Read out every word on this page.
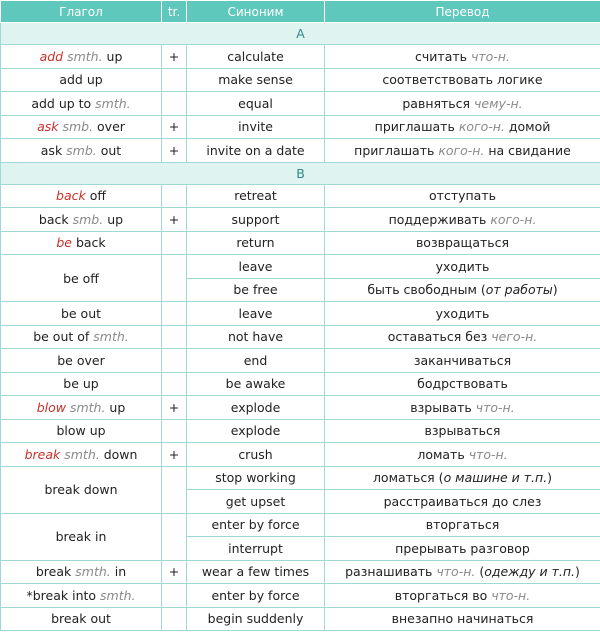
Глагол	tr.	Синоним	Перевод
A			
add smth. up	+	calculate	считать что-н.
add up		make sense	соответствовать логике
add up to smth.		equal	равняться чему-н.
ask smb. over	+	invite	приглашать кого-н. домой
ask smb. out	+	invite on a date	приглашать кого-н. на свидание
B			
back off		retreat	отступать
back smb. up	+	support	поддерживать кого-н.
be back		return	возвращаться
be off		leave	уходить
		be free	быть свободным (от работы)
be out		leave	уходить
be out of smth.		not have	оставаться без чего-н.
be over		end	заканчиваться
be up		be awake	бодрствовать
blow smth. up	+	explode	взрывать что-н.
blow up		explode	взрываться
break smth. down	+	crush	ломать что-н.
break down		stop working	ломаться (о машине и т.п.)
		get upset	расстраиваться до слез
break in		enter by force	вторгаться
		interrupt	прерывать разговор
break smth. in	+	wear a few times	разнашивать что-н. (одежду и т.п.)
*break into smth.		enter by force	вторгаться во что-н.
break out		begin suddenly	внезапно начинаться
